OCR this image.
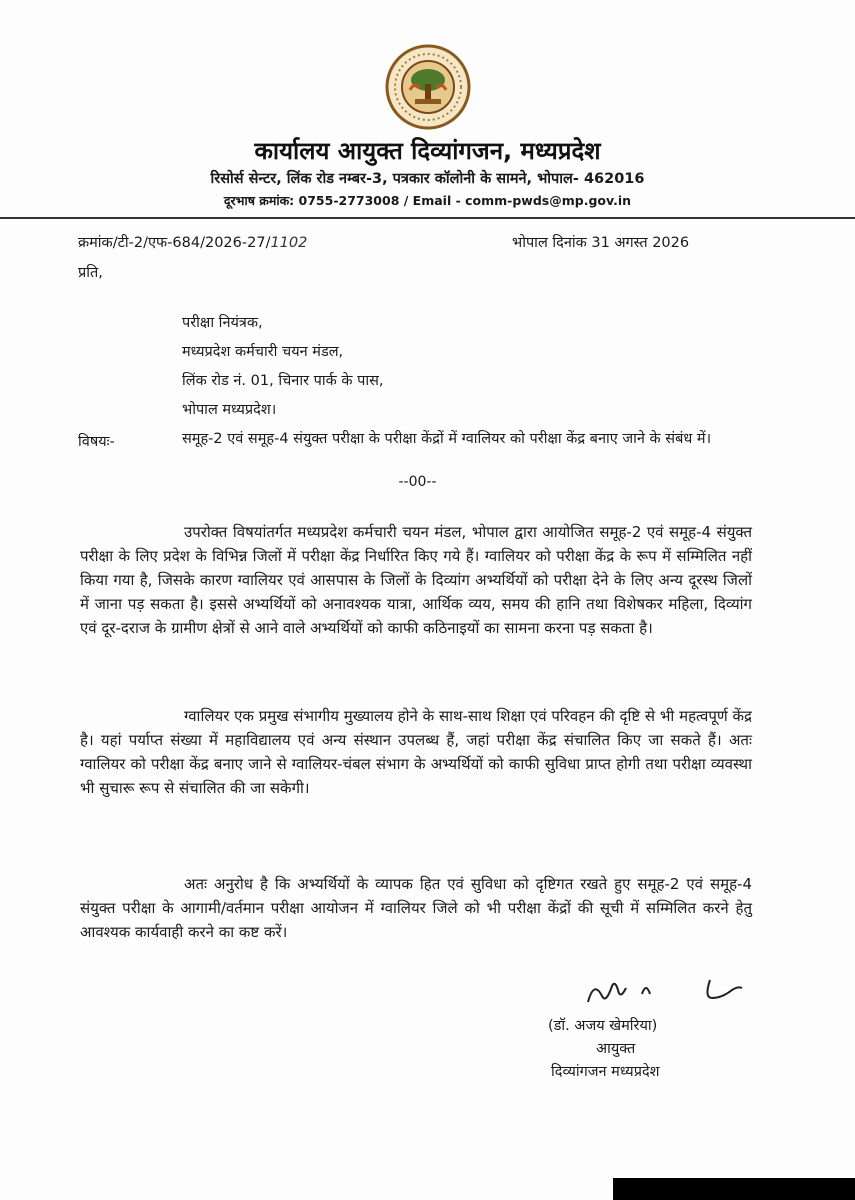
कार्यालय आयुक्त दिव्यांगजन, मध्यप्रदेश
रिसोर्स सेन्टर, लिंक रोड नम्बर-3, पत्रकार कॉलोनी के सामने, भोपाल- 462016
दूरभाष क्रमांक: 0755-2773008 / Email - comm-pwds@mp.gov.in
क्रमांक/टी-2/एफ-684/2026-27/1102	भोपाल दिनांक 31 अगस्त 2026
प्रति,
परीक्षा नियंत्रक,
मध्यप्रदेश कर्मचारी चयन मंडल,
लिंक रोड नं. 01, चिनार पार्क के पास,
भोपाल मध्यप्रदेश।
विषयः-	समूह-2 एवं समूह-4 संयुक्त परीक्षा के परीक्षा केंद्रों में ग्वालियर को परीक्षा केंद्र बनाए जाने के संबंध में।
--00--
उपरोक्त विषयांतर्गत मध्यप्रदेश कर्मचारी चयन मंडल, भोपाल द्वारा आयोजित समूह-2 एवं समूह-4 संयुक्त परीक्षा के लिए प्रदेश के विभिन्न जिलों में परीक्षा केंद्र निर्धारित किए गये हैं। ग्वालियर को परीक्षा केंद्र के रूप में सम्मिलित नहीं किया गया है, जिसके कारण ग्वालियर एवं आसपास के जिलों के दिव्यांग अभ्यर्थियों को परीक्षा देने के लिए अन्य दूरस्थ जिलों में जाना पड़ सकता है। इससे अभ्यर्थियों को अनावश्यक यात्रा, आर्थिक व्यय, समय की हानि तथा विशेषकर महिला, दिव्यांग एवं दूर-दराज के ग्रामीण क्षेत्रों से आने वाले अभ्यर्थियों को काफी कठिनाइयों का सामना करना पड़ सकता है।
ग्वालियर एक प्रमुख संभागीय मुख्यालय होने के साथ-साथ शिक्षा एवं परिवहन की दृष्टि से भी महत्वपूर्ण केंद्र है। यहां पर्याप्त संख्या में महाविद्यालय एवं अन्य संस्थान उपलब्ध हैं, जहां परीक्षा केंद्र संचालित किए जा सकते हैं। अतः ग्वालियर को परीक्षा केंद्र बनाए जाने से ग्वालियर-चंबल संभाग के अभ्यर्थियों को काफी सुविधा प्राप्त होगी तथा परीक्षा व्यवस्था भी सुचारू रूप से संचालित की जा सकेगी।
अतः अनुरोध है कि अभ्यर्थियों के व्यापक हित एवं सुविधा को दृष्टिगत रखते हुए समूह-2 एवं समूह-4 संयुक्त परीक्षा के आगामी/वर्तमान परीक्षा आयोजन में ग्वालियर जिले को भी परीक्षा केंद्रों की सूची में सम्मिलित करने हेतु आवश्यक कार्यवाही करने का कष्ट करें।
(डॉ. अजय खेमरिया)
आयुक्त
दिव्यांगजन मध्यप्रदेश
